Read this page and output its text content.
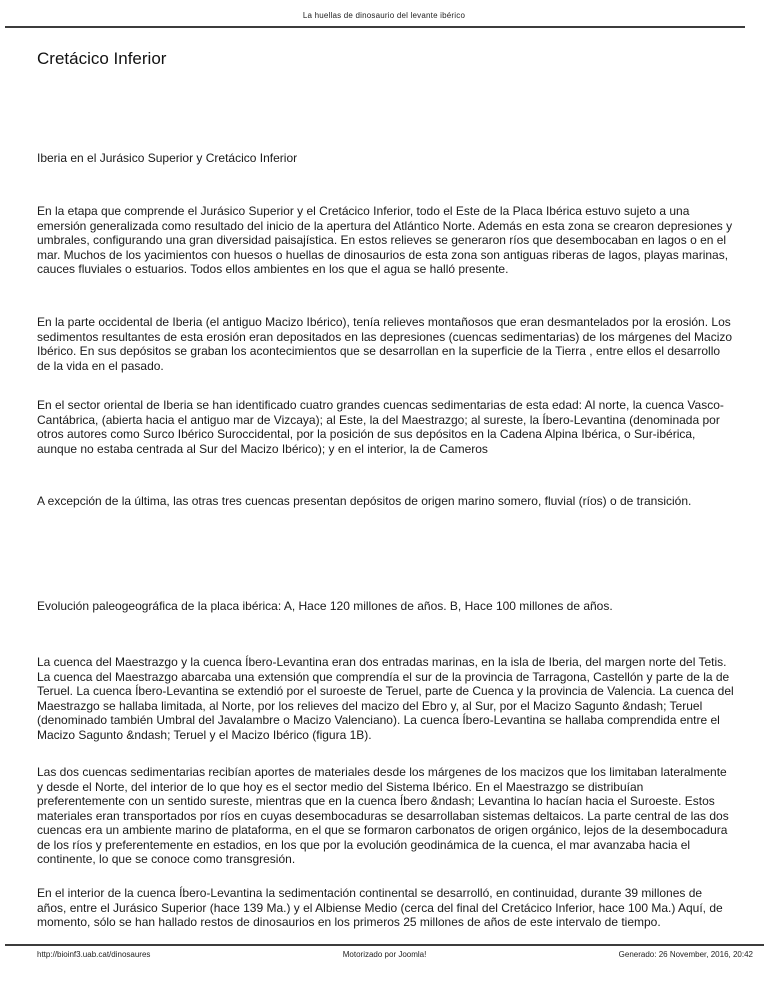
La huellas de dinosaurio del levante ibérico
Cretácico Inferior
Iberia en el Jurásico Superior y Cretácico Inferior

En la etapa que comprende el Jurásico Superior y el Cretácico Inferior, todo el Este de la Placa Ibérica estuvo sujeto a una emersión generalizada como resultado del inicio de la apertura del Atlántico Norte. Además en esta zona se crearon depresiones y umbrales, configurando una gran diversidad paisajística. En estos relieves se generaron ríos que desembocaban en lagos o en el mar. Muchos de los yacimientos con huesos o huellas de dinosaurios de esta zona son antiguas riberas de lagos, playas marinas, cauces fluviales o estuarios. Todos ellos ambientes en los que el agua se halló presente.

En la parte occidental de Iberia (el antiguo Macizo Ibérico), tenía relieves montañosos que eran desmantelados por la erosión. Los sedimentos resultantes de esta erosión eran depositados en las depresiones (cuencas sedimentarias) de los márgenes del Macizo Ibérico. En sus depósitos se graban los acontecimientos que se desarrollan en la superficie de la Tierra , entre ellos el desarrollo de la vida en el pasado.

En el sector oriental de Iberia se han identificado cuatro grandes cuencas sedimentarias de esta edad: Al norte, la cuenca Vasco- Cantábrica, (abierta hacia el antiguo mar de Vizcaya); al Este, la del Maestrazgo; al sureste, la Íbero-Levantina (denominada por otros autores como Surco Ibérico Suroccidental, por la posición de sus depósitos en la Cadena Alpina Ibérica, o Sur-ibérica, aunque no estaba centrada al Sur del Macizo Ibérico); y en el interior, la de Cameros

A excepción de la última, las otras tres cuencas presentan depósitos de origen marino somero, fluvial (ríos) o de transición.

Evolución paleogeográfica de la placa ibérica: A, Hace 120 millones de años. B, Hace 100 millones de años.

La cuenca del Maestrazgo y la cuenca Íbero-Levantina eran dos entradas marinas, en la isla de Iberia, del margen norte del Tetis. La cuenca del Maestrazgo abarcaba una extensión que comprendía el sur de la provincia de Tarragona, Castellón y parte de la de Teruel. La cuenca Íbero-Levantina se extendió por el suroeste de Teruel, parte de Cuenca y la provincia de Valencia. La cuenca del Maestrazgo se hallaba limitada, al Norte, por los relieves del macizo del Ebro y, al Sur, por el Macizo Sagunto &ndash; Teruel (denominado también Umbral del Javalambre o Macizo Valenciano). La cuenca Íbero-Levantina se hallaba comprendida entre el Macizo Sagunto &ndash; Teruel y el Macizo Ibérico (figura 1B).

Las dos cuencas sedimentarias recibían aportes de materiales desde los márgenes de los macizos que los limitaban lateralmente y desde el Norte, del interior de lo que hoy es el sector medio del Sistema Ibérico. En el Maestrazgo se distribuían preferentemente con un sentido sureste, mientras que en la cuenca Íbero &ndash; Levantina lo hacían hacia el Suroeste. Estos materiales eran transportados por ríos en cuyas desembocaduras se desarrollaban sistemas deltaicos. La parte central de las dos cuencas era un ambiente marino de plataforma, en el que se formaron carbonatos de origen orgánico, lejos de la desembocadura de los ríos y preferentemente en estadios, en los que por la evolución geodinámica de la cuenca, el mar avanzaba hacia el continente, lo que se conoce como transgresión.

En el interior de la cuenca Íbero-Levantina la sedimentación continental se desarrolló, en continuidad, durante 39 millones de años, entre el Jurásico Superior (hace 139 Ma.) y el Albiense Medio (cerca del final del Cretácico Inferior, hace 100 Ma.) Aquí, de momento, sólo se han hallado restos de dinosaurios en los primeros 25 millones de años de este intervalo de tiempo.

http://bioinf3.uab.cat/dinosaures	Motorizado por Joomla!	Generado: 26 November, 2016, 20:42
